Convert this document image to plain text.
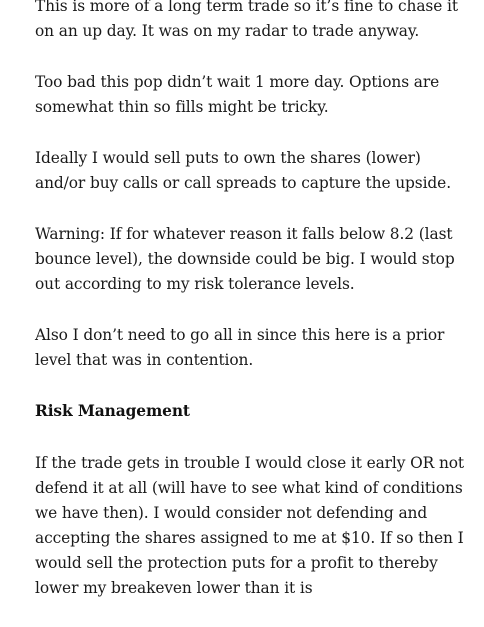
This is more of a long term trade so it’s fine to chase it on an up day. It was on my radar to trade anyway.

Too bad this pop didn’t wait 1 more day. Options are somewhat thin so fills might be tricky.

Ideally I would sell puts to own the shares (lower) and/or buy calls or call spreads to capture the upside.

Warning: If for whatever reason it falls below 8.2 (last bounce level), the downside could be big. I would stop out according to my risk tolerance levels.

Also I don’t need to go all in since this here is a prior level that was in contention.

Risk Management

If the trade gets in trouble I would close it early OR not defend it at all (will have to see what kind of conditions we have then). I would consider not defending and accepting the shares assigned to me at $10. If so then I would sell the protection puts for a profit to thereby lower my breakeven lower than it is
